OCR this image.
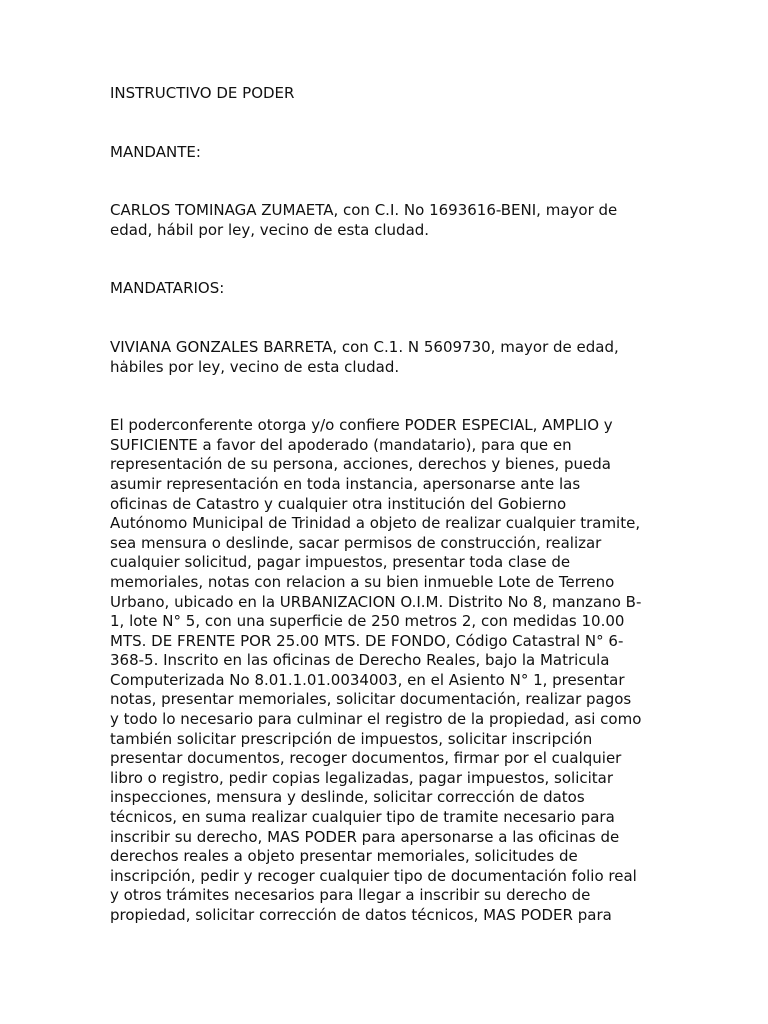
INSTRUCTIVO DE PODER

MANDANTE:

CARLOS TOMINAGA ZUMAETA, con C.I. No 1693616-BENI, mayor de
edad, hábil por ley, vecino de esta cludad.

MANDATARIOS:

VIVIANA GONZALES BARRETA, con C.1. N 5609730, mayor de edad,
hȧbiles por ley, vecino de esta cludad.

El poderconferente otorga y/o confiere PODER ESPECIAL, AMPLIO y
SUFICIENTE a favor del apoderado (mandatario), para que en
representación de su persona, acciones, derechos y bienes, pueda
asumir representación en toda instancia, apersonarse ante las
oficinas de Catastro y cualquier otra institución del Gobierno
Autónomo Municipal de Trinidad a objeto de realizar cualquier tramite,
sea mensura o deslinde, sacar permisos de construcción, realizar
cualquier solicitud, pagar impuestos, presentar toda clase de
memoriales, notas con relacion a su bien inmueble Lote de Terreno
Urbano, ubicado en la URBANIZACION O.I.M. Distrito No 8, manzano B-
1, lote N° 5, con una superficie de 250 metros 2, con medidas 10.00
MTS. DE FRENTE POR 25.00 MTS. DE FONDO, Código Catastral N° 6-
368-5. Inscrito en las oficinas de Derecho Reales, bajo la Matricula
Computerizada No 8.01.1.01.0034003, en el Asiento N° 1, presentar
notas, presentar memoriales, solicitar documentación, realizar pagos
y todo lo necesario para culminar el registro de la propiedad, asi como
también solicitar prescripción de impuestos, solicitar inscripción
presentar documentos, recoger documentos, firmar por el cualquier
libro o registro, pedir copias legalizadas, pagar impuestos, solicitar
inspecciones, mensura y deslinde, solicitar corrección de datos
técnicos, en suma realizar cualquier tipo de tramite necesario para
inscribir su derecho, MAS PODER para apersonarse a las oficinas de
derechos reales a objeto presentar memoriales, solicitudes de
inscripción, pedir y recoger cualquier tipo de documentación folio real
y otros trámites necesarios para llegar a inscribir su derecho de
propiedad, solicitar corrección de datos técnicos, MAS PODER para
